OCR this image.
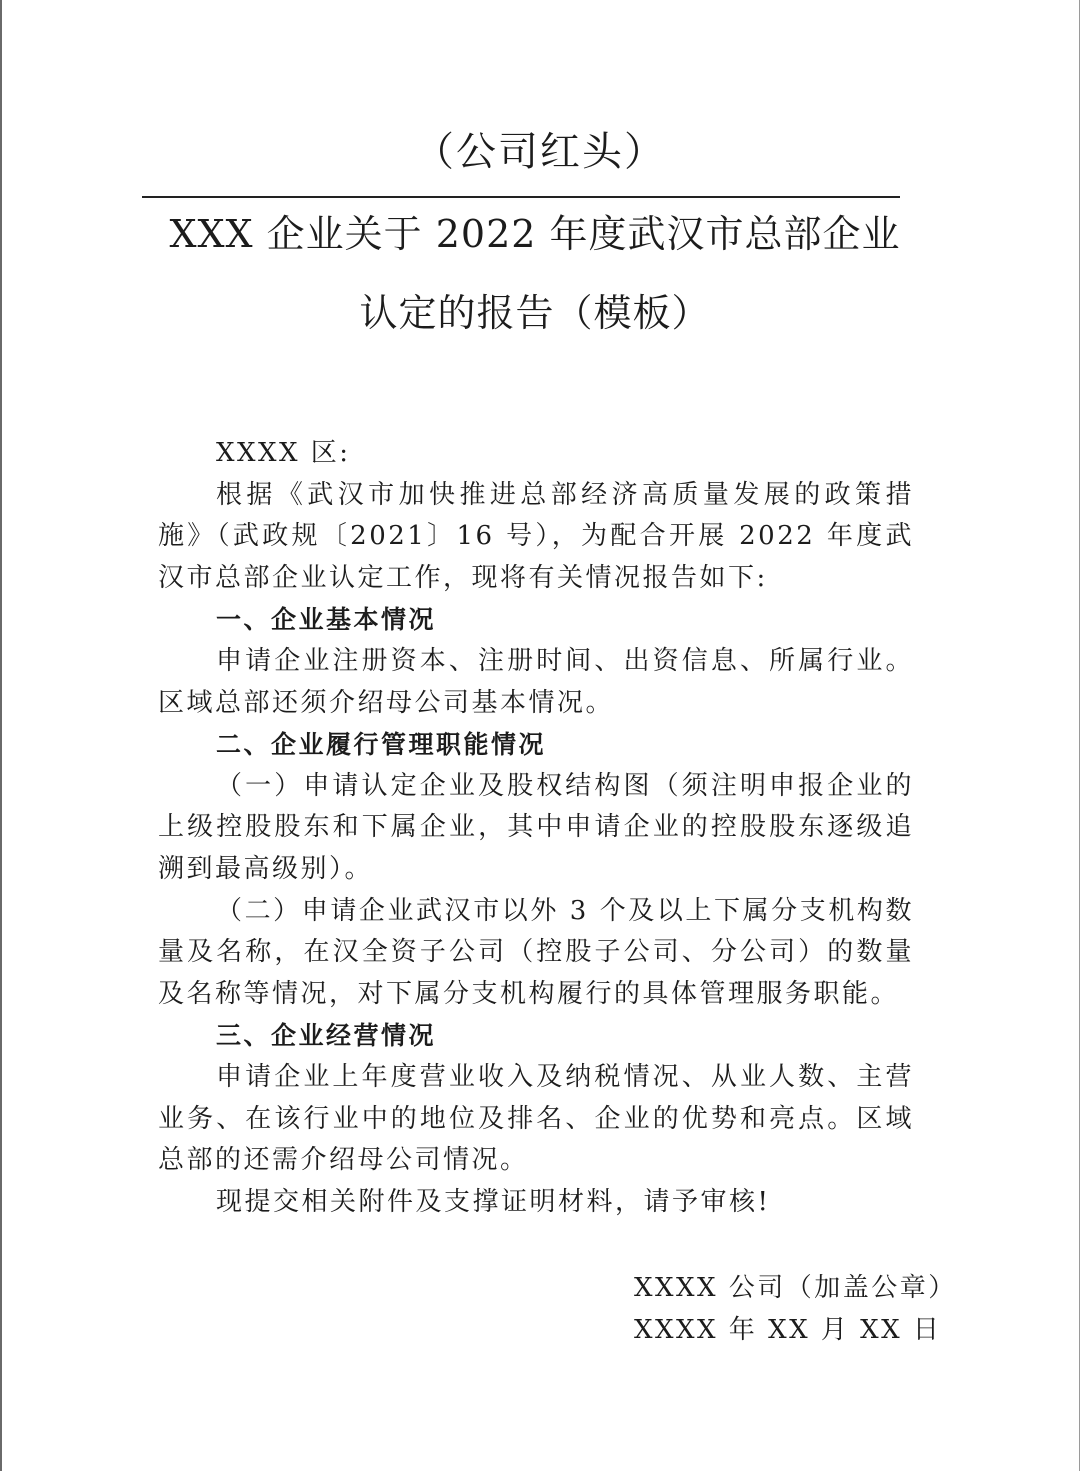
（公司红头）
XXX 企业关于 2022 年度武汉市总部企业
认定的报告（模板）

XXXX 区:

根据《武汉市加快推进总部经济高质量发展的政策措施》（武政规〔2021〕16 号），为配合开展 2022 年度武汉市总部企业认定工作，现将有关情况报告如下:

一、企业基本情况

申请企业注册资本、注册时间、出资信息、所属行业。区域总部还须介绍母公司基本情况。

二、企业履行管理职能情况

（一）申请认定企业及股权结构图（须注明申报企业的上级控股股东和下属企业，其中申请企业的控股股东逐级追溯到最高级别）。

（二）申请企业武汉市以外 3 个及以上下属分支机构数量及名称，在汉全资子公司（控股子公司、分公司）的数量及名称等情况，对下属分支机构履行的具体管理服务职能。

三、企业经营情况

申请企业上年度营业收入及纳税情况、从业人数、主营业务、在该行业中的地位及排名、企业的优势和亮点。区域总部的还需介绍母公司情况。

现提交相关附件及支撑证明材料，请予审核!

XXXX 公司（加盖公章）
XXXX 年 XX 月 XX 日
